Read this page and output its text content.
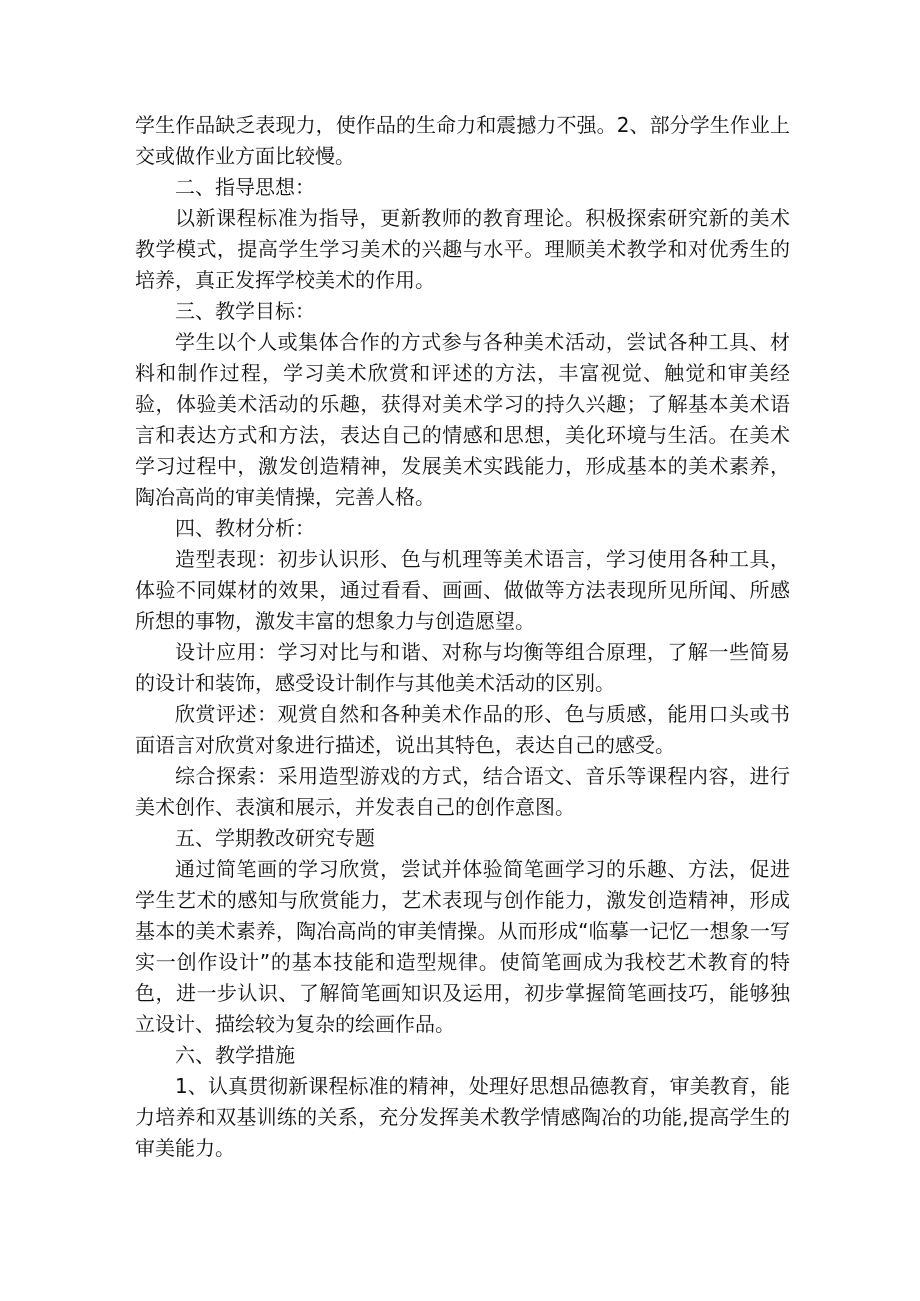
学生作品缺乏表现力，使作品的生命力和震撼力不强。2、部分学生作业上交或做作业方面比较慢。

二、指导思想：

以新课程标准为指导，更新教师的教育理论。积极探索研究新的美术教学模式，提高学生学习美术的兴趣与水平。理顺美术教学和对优秀生的培养，真正发挥学校美术的作用。

三、教学目标：

学生以个人或集体合作的方式参与各种美术活动，尝试各种工具、材料和制作过程，学习美术欣赏和评述的方法，丰富视觉、触觉和审美经验，体验美术活动的乐趣，获得对美术学习的持久兴趣；了解基本美术语言和表达方式和方法，表达自己的情感和思想，美化环境与生活。在美术学习过程中，激发创造精神，发展美术实践能力，形成基本的美术素养，陶冶高尚的审美情操，完善人格。

四、教材分析：

造型表现：初步认识形、色与机理等美术语言，学习使用各种工具，体验不同媒材的效果，通过看看、画画、做做等方法表现所见所闻、所感所想的事物，激发丰富的想象力与创造愿望。

设计应用：学习对比与和谐、对称与均衡等组合原理，了解一些简易的设计和装饰，感受设计制作与其他美术活动的区别。

欣赏评述：观赏自然和各种美术作品的形、色与质感，能用口头或书面语言对欣赏对象进行描述，说出其特色，表达自己的感受。

综合探索：采用造型游戏的方式，结合语文、音乐等课程内容，进行美术创作、表演和展示，并发表自己的创作意图。

五、学期教改研究专题

通过简笔画的学习欣赏，尝试并体验简笔画学习的乐趣、方法，促进学生艺术的感知与欣赏能力，艺术表现与创作能力，激发创造精神，形成基本的美术素养，陶冶高尚的审美情操。从而形成“临摹一记忆一想象一写实一创作设计”的基本技能和造型规律。使简笔画成为我校艺术教育的特色，进一步认识、了解简笔画知识及运用，初步掌握简笔画技巧，能够独立设计、描绘较为复杂的绘画作品。

六、教学措施

1、认真贯彻新课程标准的精神，处理好思想品德教育，审美教育，能力培养和双基训练的关系，充分发挥美术教学情感陶冶的功能,提高学生的审美能力。
